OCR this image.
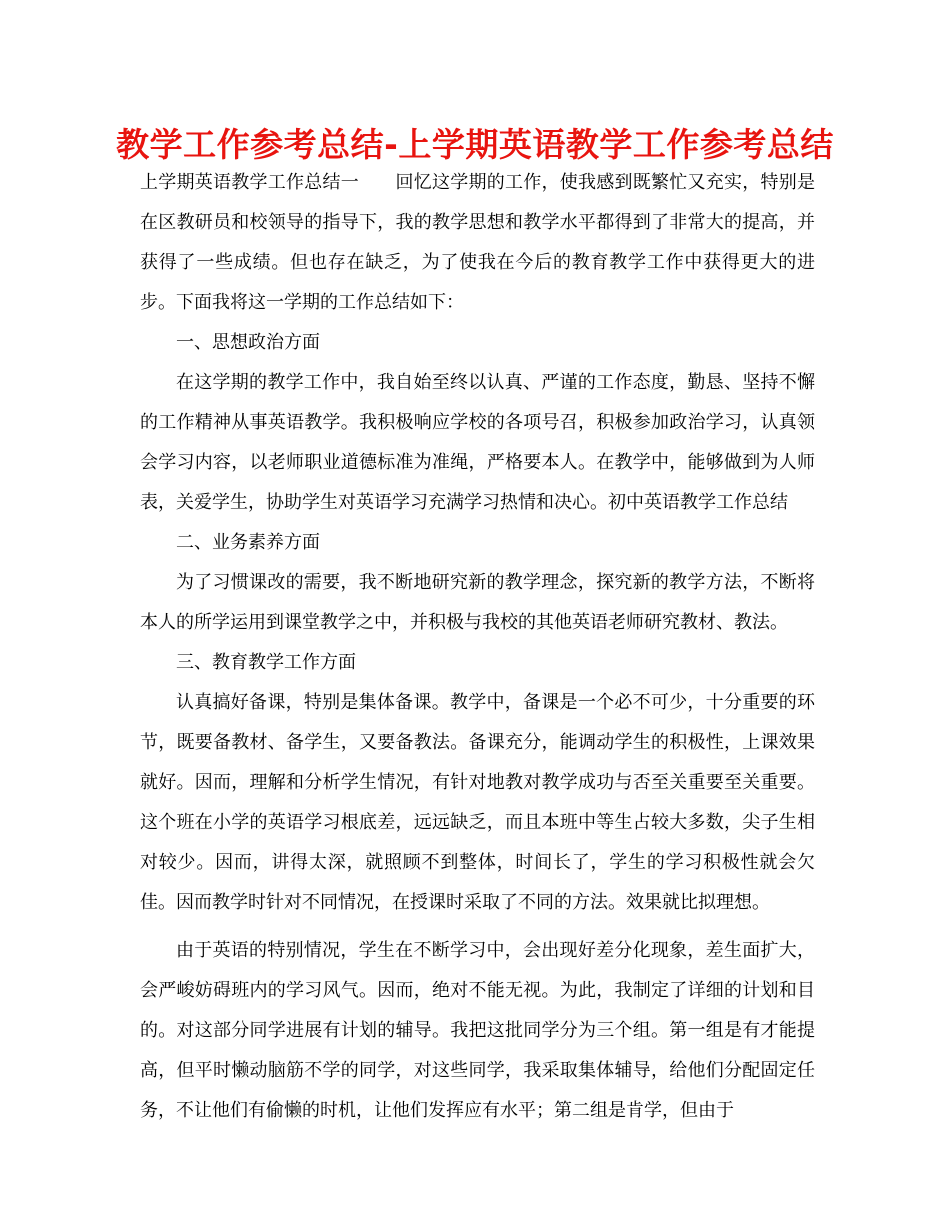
教学工作参考总结-上学期英语教学工作参考总结

上学期英语教学工作总结一　　回忆这学期的工作，使我感到既繁忙又充实，特别是在区教研员和校领导的指导下，我的教学思想和教学水平都得到了非常大的提高，并获得了一些成绩。但也存在缺乏，为了使我在今后的教育教学工作中获得更大的进步。下面我将这一学期的工作总结如下：

一、思想政治方面

在这学期的教学工作中，我自始至终以认真、严谨的工作态度，勤恳、坚持不懈的工作精神从事英语教学。我积极响应学校的各项号召，积极参加政治学习，认真领会学习内容，以老师职业道德标准为准绳，严格要本人。在教学中，能够做到为人师表，关爱学生，协助学生对英语学习充满学习热情和决心。初中英语教学工作总结

二、业务素养方面

为了习惯课改的需要，我不断地研究新的教学理念，探究新的教学方法，不断将本人的所学运用到课堂教学之中，并积极与我校的其他英语老师研究教材、教法。

三、教育教学工作方面

认真搞好备课，特别是集体备课。教学中，备课是一个必不可少，十分重要的环节，既要备教材、备学生，又要备教法。备课充分，能调动学生的积极性，上课效果就好。因而，理解和分析学生情况，有针对地教对教学成功与否至关重要至关重要。这个班在小学的英语学习根底差，远远缺乏，而且本班中等生占较大多数，尖子生相对较少。因而，讲得太深，就照顾不到整体，时间长了，学生的学习积极性就会欠佳。因而教学时针对不同情况，在授课时采取了不同的方法。效果就比拟理想。

由于英语的特别情况，学生在不断学习中，会出现好差分化现象，差生面扩大，会严峻妨碍班内的学习风气。因而，绝对不能无视。为此，我制定了详细的计划和目的。对这部分同学进展有计划的辅导。我把这批同学分为三个组。第一组是有才能提高，但平时懒动脑筋不学的同学，对这些同学，我采取集体辅导，给他们分配固定任务，不让他们有偷懒的时机，让他们发挥应有水平；第二组是肯学，但由于
